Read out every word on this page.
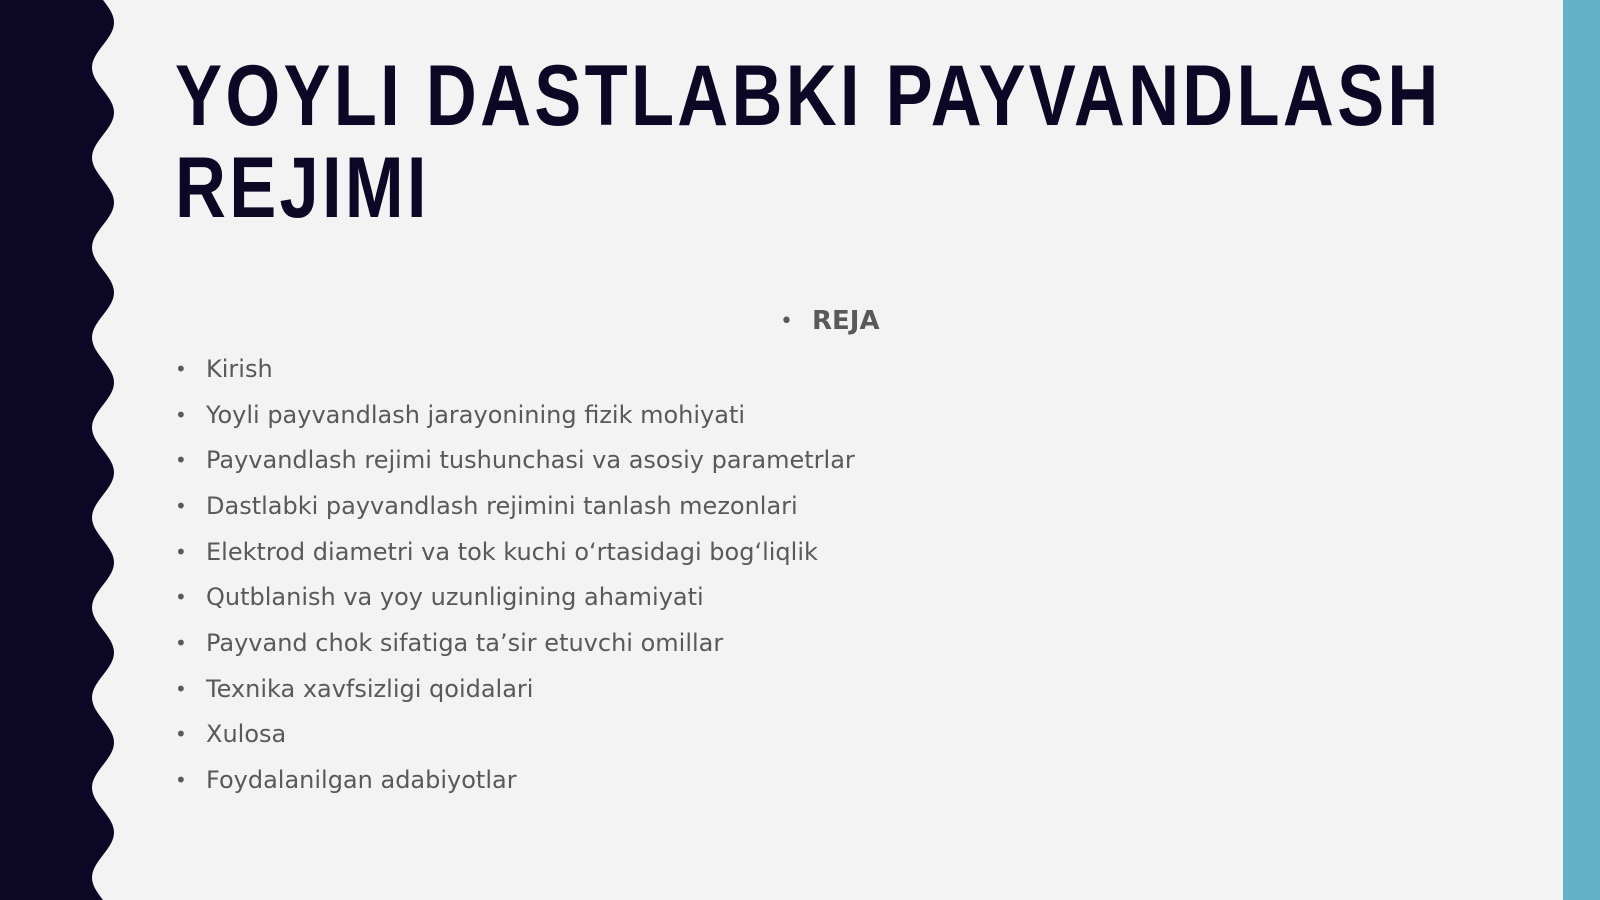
YOYLI DASTLABKI PAYVANDLASH
REJIMI
• REJA
• Kirish
• Yoyli payvandlash jarayonining fizik mohiyati
• Payvandlash rejimi tushunchasi va asosiy parametrlar
• Dastlabki payvandlash rejimini tanlash mezonlari
• Elektrod diametri va tok kuchi o‘rtasidagi bog‘liqlik
• Qutblanish va yoy uzunligining ahamiyati
• Payvand chok sifatiga ta’sir etuvchi omillar
• Texnika xavfsizligi qoidalari
• Xulosa
• Foydalanilgan adabiyotlar
